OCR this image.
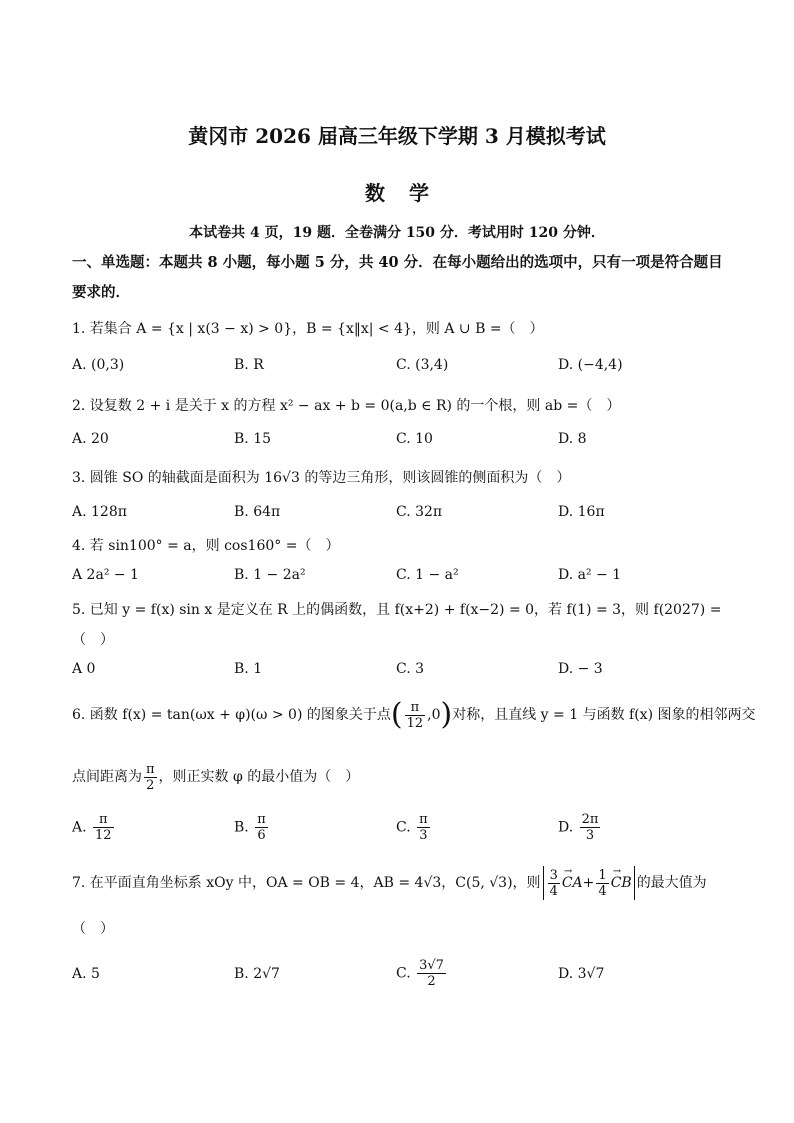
黄冈市 2026 届高三年级下学期 3 月模拟考试
数 学
本试卷共 4 页，19 题．全卷满分 150 分．考试用时 120 分钟．
一、单选题：本题共 8 小题，每小题 5 分，共 40 分．在每小题给出的选项中，只有一项是符合题目要求的．
1. 若集合 A = {x | x(3 − x) > 0}，B = {x‖x| < 4}，则 A ∪ B =（　）
A. (0,3)	B. R	C. (3,4)	D. (−4,4)
2. 设复数 2 + i 是关于 x 的方程 x² − ax + b = 0(a,b ∈ R) 的一个根，则 ab =（　）
A. 20	B. 15	C. 10	D. 8
3. 圆锥 SO 的轴截面是面积为 16√3 的等边三角形，则该圆锥的侧面积为（　）
A. 128π	B. 64π	C. 32π	D. 16π
4. 若 sin100° = a，则 cos160° =（　）
A 2a² − 1	B. 1 − 2a²	C. 1 − a²	D. a² − 1
5. 已知 y = f(x) sin x 是定义在 R 上的偶函数，且 f(x+2) + f(x−2) = 0，若 f(1) = 3，则 f(2027) =
（　）
A 0	B. 1	C. 3	D. − 3
6. 函数 f(x) = tan(ωx + φ)(ω > 0) 的图象关于点( $\frac{\pi}{12} ,0$)对称，且直线 y = 1 与函数 f(x) 图象的相邻两交
点间距离为 $\frac{\pi}{2}$ ，则正实数 φ 的最小值为（　）
A. $\frac{\pi}{12}$	B. $\frac{\pi}{6}$	C. $\frac{\pi}{3}$	D. $\frac{2\pi}{3}$
7. 在平面直角坐标系 xOy 中，OA = OB = 4，AB = 4√3，C(5, √3)，则 $\frac{3}{4}$
→ $CA+ \frac{1}{4}$
→ CB 的最大值为
（　）
A. 5	B. 2√7	C. $\frac{3√7}{2}$	D. 3√7
